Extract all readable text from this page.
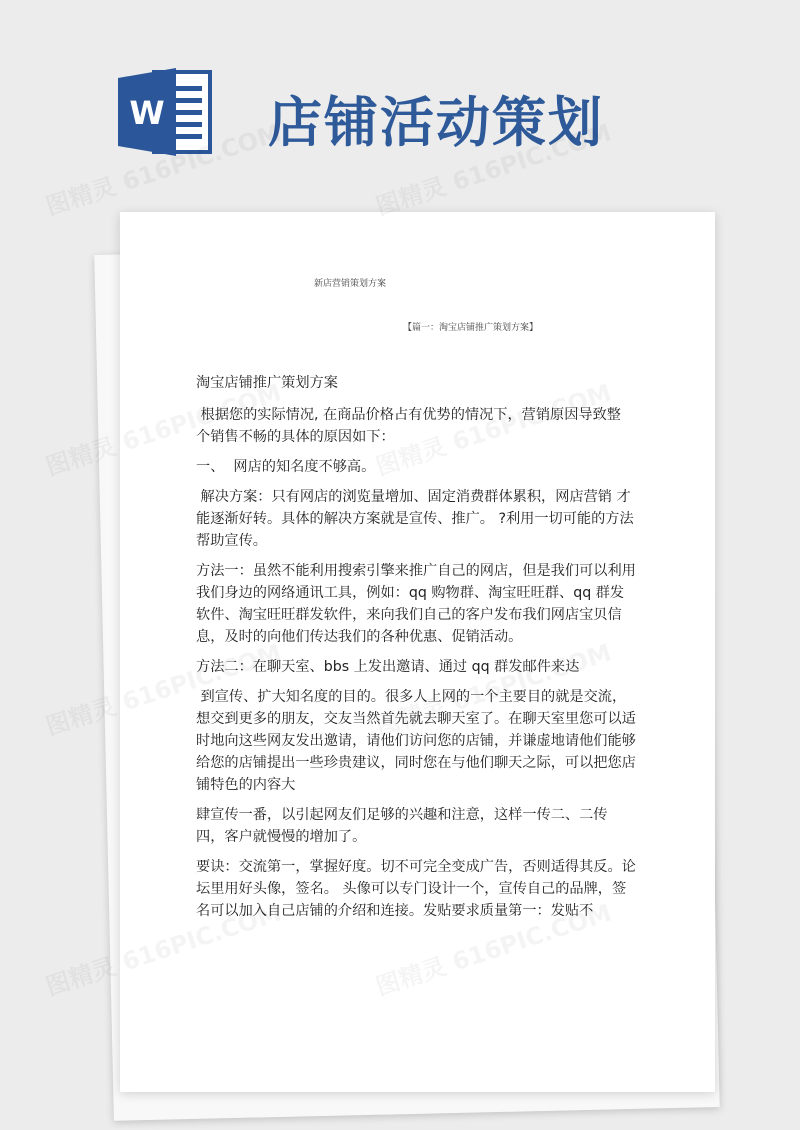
W 店铺活动策划
新店营销策划方案
【篇一：淘宝店铺推广策划方案】

淘宝店铺推广策划方案

根据您的实际情况, 在商品价格占有优势的情况下，营销原因导致整 个销售不畅的具体的原因如下：

一、  网店的知名度不够高。

解决方案：只有网店的浏览量增加、固定消费群体累积，网店营销 才能逐渐好转。具体的解决方案就是宣传、推广。 ?利用一切可能的方法帮助宣传。

方法一：虽然不能利用搜索引擎来推广自己的网店，但是我们可以利用我们身边的网络通讯工具，例如：qq 购物群、淘宝旺旺群、qq 群发软件、淘宝旺旺群发软件，来向我们自己的客户发布我们网店宝贝信息，及时的向他们传达我们的各种优惠、促销活动。

方法二：在聊天室、bbs 上发出邀请、通过 qq 群发邮件来达

到宣传、扩大知名度的目的。很多人上网的一个主要目的就是交流，想交到更多的朋友，交友当然首先就去聊天室了。在聊天室里您可以适时地向这些网友发出邀请，请他们访问您的店铺，并谦虚地请他们能够给您的店铺提出一些珍贵建议，同时您在与他们聊天之际，可以把您店铺特色的内容大

肆宣传一番，以引起网友们足够的兴趣和注意，这样一传二、二传 四，客户就慢慢的增加了。

要诀：交流第一，掌握好度。切不可完全变成广告，否则适得其反。论坛里用好头像，签名。 头像可以专门设计一个，宣传自己的品牌，签名可以加入自己店铺的介绍和连接。发贴要求质量第一：发贴不
